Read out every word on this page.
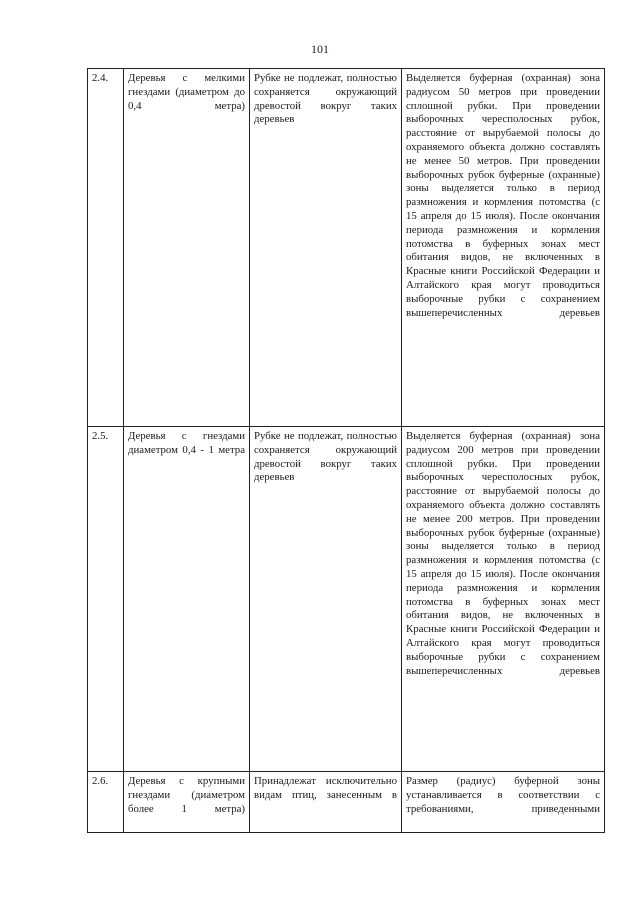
101
2.4.	Деревья с мелкими гнездами (диаметром до 0,4 метра)	Рубке не подлежат, полностью сохраняется окружающий древостой вокруг таких деревьев	Выделяется буферная (охранная) зона радиусом 50 метров при проведении сплошной рубки. При проведении выборочных чересполосных рубок, расстояние от вырубаемой полосы до охраняемого объекта должно составлять не менее 50 метров. При проведении выборочных рубок буферные (охранные) зоны выделяется только в период размножения и кормления потомства (с 15 апреля до 15 июля). После окончания периода размножения и кормления потомства в буферных зонах мест обитания видов, не включенных в Красные книги Российской Федерации и Алтайского края могут проводиться выборочные рубки с сохранением вышеперечисленных деревьев

2.5.	Деревья с гнездами диаметром 0,4 - 1 метра	Рубке не подлежат, полностью сохраняется окружающий древостой вокруг таких деревьев	Выделяется буферная (охранная) зона радиусом 200 метров при проведении сплошной рубки. При проведении выборочных чересполосных рубок, расстояние от вырубаемой полосы до охраняемого объекта должно составлять не менее 200 метров. При проведении выборочных рубок буферные (охранные) зоны выделяется только в период размножения и кормления потомства (с 15 апреля до 15 июля). После окончания периода размножения и кормления потомства в буферных зонах мест обитания видов, не включенных в Красные книги Российской Федерации и Алтайского края могут проводиться выборочные рубки с сохранением вышеперечисленных деревьев

2.6.	Деревья с крупными гнездами (диаметром более 1 метра)	Принадлежат исключительно видам птиц, занесенным в	Размер (радиус) буферной зоны устанавливается в соответствии с требованиями, приведенными
